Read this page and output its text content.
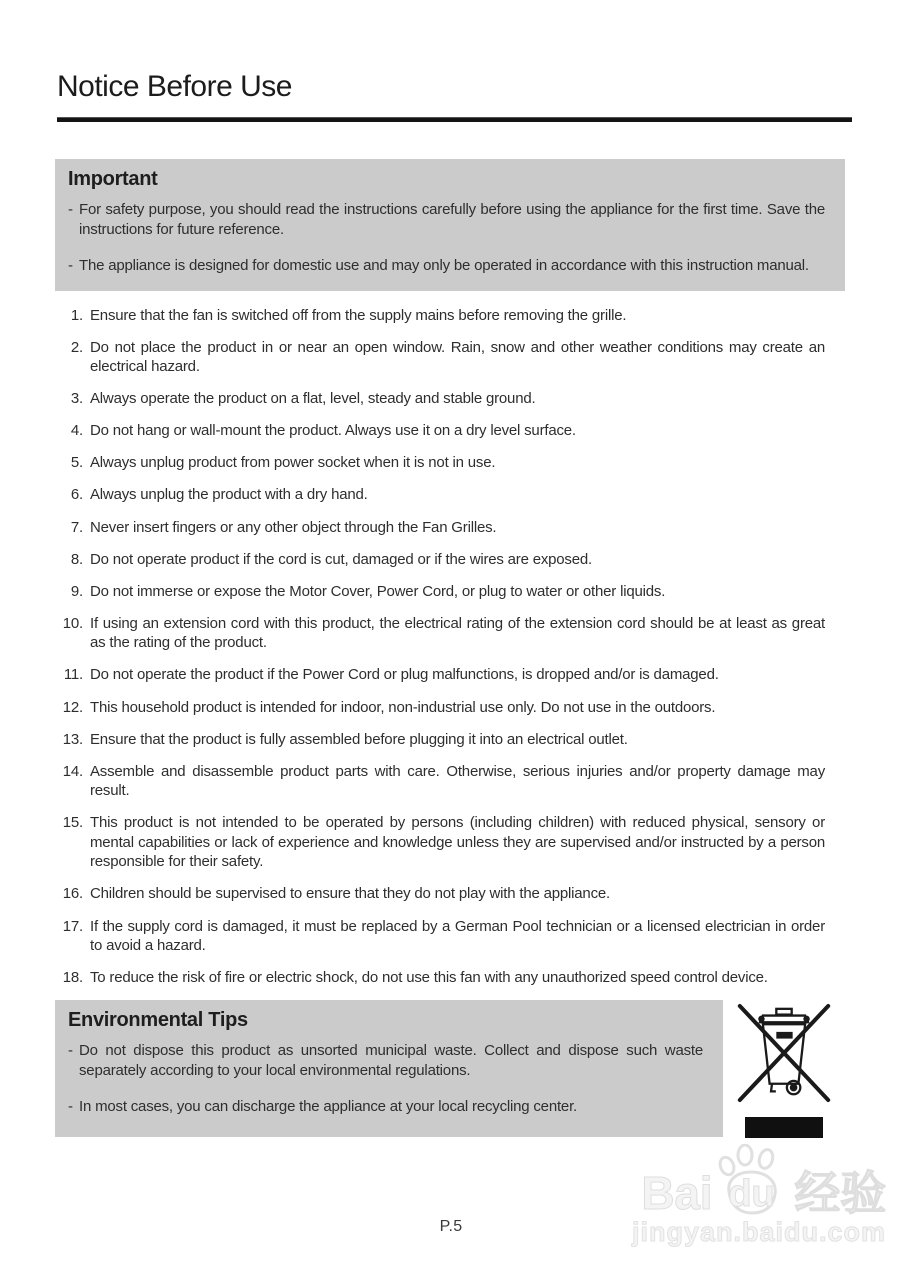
Notice Before Use
Important
- For safety purpose, you should read the instructions carefully before using the appliance for the first time. Save the instructions for future reference.

- The appliance is designed for domestic use and may only be operated in accordance with this instruction manual.

1. Ensure that the fan is switched off from the supply mains before removing the grille.
2. Do not place the product in or near an open window. Rain, snow and other weather conditions may create an electrical hazard.
3. Always operate the product on a flat, level, steady and stable ground.
4. Do not hang or wall-mount the product. Always use it on a dry level surface.
5. Always unplug product from power socket when it is not in use.
6. Always unplug the product with a dry hand.
7. Never insert fingers or any other object through the Fan Grilles.
8. Do not operate product if the cord is cut, damaged or if the wires are exposed.
9. Do not immerse or expose the Motor Cover, Power Cord, or plug to water or other liquids.
10. If using an extension cord with this product, the electrical rating of the extension cord should be at least as great as the rating of the product.
11. Do not operate the product if the Power Cord or plug malfunctions, is dropped and/or is damaged.
12. This household product is intended for indoor, non-industrial use only. Do not use in the outdoors.
13. Ensure that the product is fully assembled before plugging it into an electrical outlet.
14. Assemble and disassemble product parts with care. Otherwise, serious injuries and/or property damage may result.
15. This product is not intended to be operated by persons (including children) with reduced physical, sensory or mental capabilities or lack of experience and knowledge unless they are supervised and/or instructed by a person responsible for their safety.
16. Children should be supervised to ensure that they do not play with the appliance.
17. If the supply cord is damaged, it must be replaced by a German Pool technician or a licensed electrician in order to avoid a hazard.
18. To reduce the risk of fire or electric shock, do not use this fan with any unauthorized speed control device.
Environmental Tips
- Do not dispose this product as unsorted municipal waste. Collect and dispose such waste separately according to your local environmental regulations.

- In most cases, you can discharge the appliance at your local recycling center.

P.5
Bai du 经验
jingyan.baidu.com
